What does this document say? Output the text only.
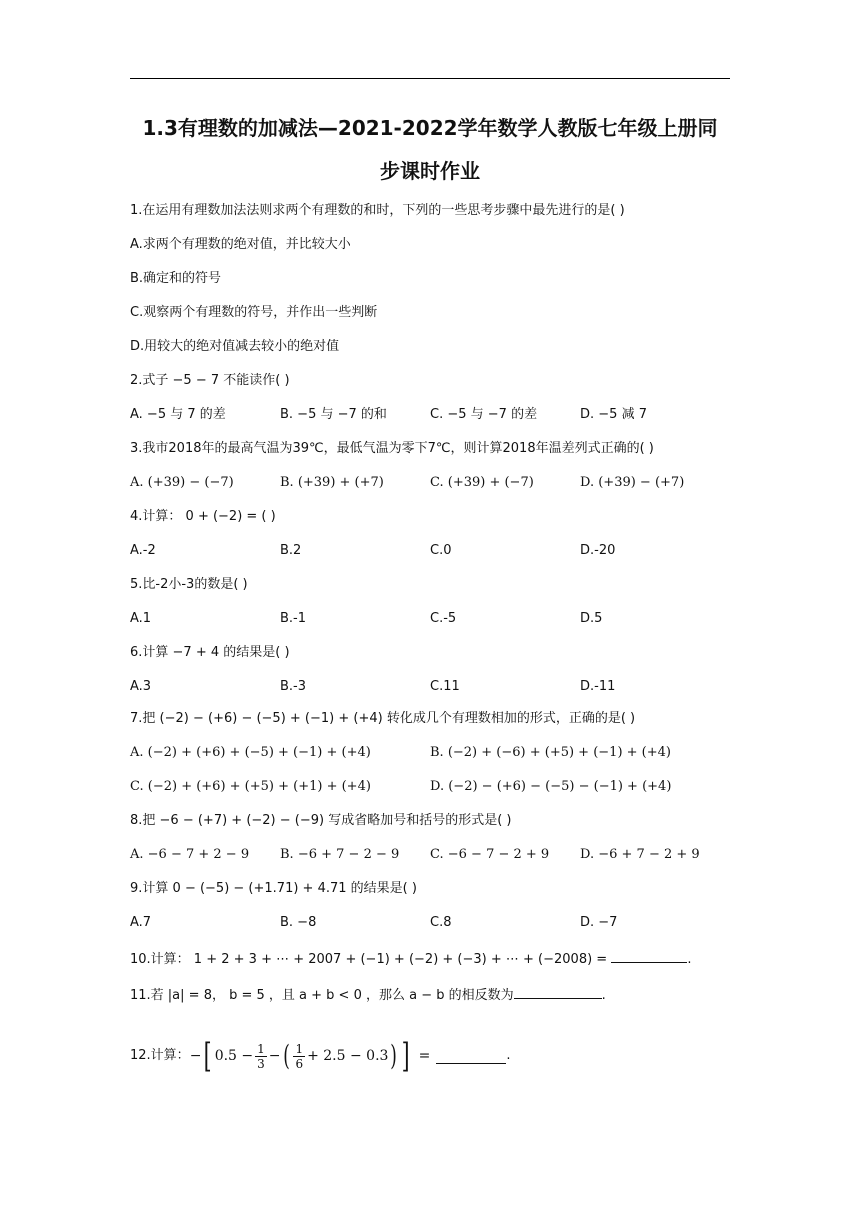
1.3有理数的加减法—2021-2022学年数学人教版七年级上册同
步课时作业
1.在运用有理数加法法则求两个有理数的和时，下列的一些思考步骤中最先进行的是( )
A.求两个有理数的绝对值，并比较大小
B.确定和的符号
C.观察两个有理数的符号，并作出一些判断
D.用较大的绝对值减去较小的绝对值
2.式子 −5 − 7 不能读作( )
A. −5 与 7 的差	B. −5 与 −7 的和	C. −5 与 −7 的差	D. −5 减 7
3.我市2018年的最高气温为39℃，最低气温为零下7℃，则计算2018年温差列式正确的( )
A. (+39) − (−7)	B. (+39) + (+7)	C. (+39) + (−7)	D. (+39) − (+7)
4.计算： 0 + (−2) = ( )
A.-2	B.2	C.0	D.-20
5.比-2小-3的数是( )
A.1	B.-1	C.-5	D.5
6.计算 −7 + 4 的结果是( )
A.3	B.-3	C.11	D.-11
7.把 (−2) − (+6) − (−5) + (−1) + (+4) 转化成几个有理数相加的形式，正确的是( )
A. (−2) + (+6) + (−5) + (−1) + (+4)	B. (−2) + (−6) + (+5) + (−1) + (+4)
C. (−2) + (+6) + (+5) + (+1) + (+4)	D. (−2) − (+6) − (−5) − (−1) + (+4)
8.把 −6 − (+7) + (−2) − (−9) 写成省略加号和括号的形式是( )
A. −6 − 7 + 2 − 9 B. −6 + 7 − 2 − 9 C. −6 − 7 − 2 + 9 D. −6 + 7 − 2 + 9
9.计算 0 − (−5) − (+1.71) + 4.71 的结果是( )
A.7	B. −8	C.8	D. −7
10.计算： 1 + 2 + 3 + ⋯ + 2007 + (−1) + (−2) + (−3) + ⋯ + (−2008) =	.
11.若 |a| = 8， b = 5 ，且 a + b < 0 ，那么 a − b 的相反数为	.
12.计算： − [ $0.5 - \frac{1}{3}$ − ( $\frac{1}{6} + 2.5 - 0.3$ ) ] =	.
